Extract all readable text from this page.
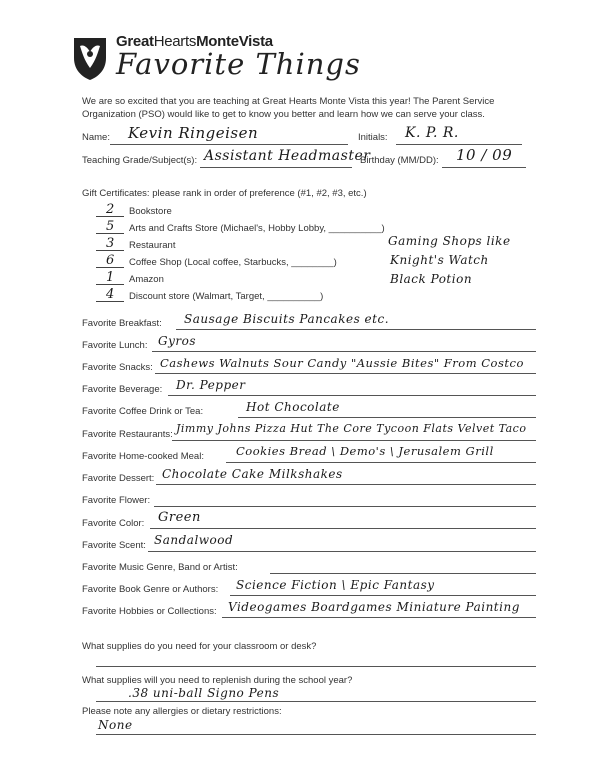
GreatHeartsMonteVista
Favorite Things
We are so excited that you are teaching at Great Hearts Monte Vista this year! The Parent Service Organization (PSO) would like to get to know you better and learn how we can serve your class.
Name: Kevin Ringeisen	Initials: K. P. R.
Teaching Grade/Subject(s): Assistant Headmaster
Birthday (MM/DD): 10 / 09
Gift Certificates: please rank in order of preference (#1, #2, #3, etc.)
2 Bookstore
5 Arts and Crafts Store (Michael's, Hobby Lobby, __________)
3 Restaurant
6 Coffee Shop (Local coffee, Starbucks, ________)
1 Amazon
4 Discount store (Walmart, Target, __________)
Gaming Shops like
Knight's Watch
Black Potion
Favorite Breakfast: Sausage Biscuits Pancakes etc.
Favorite Lunch: Gyros
Favorite Snacks: Cashews Walnuts Sour Candy "Aussie Bites" From Costco
Favorite Beverage: Dr. Pepper
Favorite Coffee Drink or Tea:	Hot Chocolate
Favorite Restaurants: Jimmy Johns Pizza Hut The Core Tycoon Flats Velvet Taco
Favorite Home-cooked Meal:	Cookies Bread \ Demo's \ Jerusalem Grill
Favorite Dessert: Chocolate Cake Milkshakes
Favorite Flower:
Favorite Color: Green
Favorite Scent: Sandalwood
Favorite Music Genre, Band or Artist:
Favorite Book Genre or Authors: Science Fiction \ Epic Fantasy
Favorite Hobbies or Collections: Videogames Boardgames Miniature Painting
What supplies do you need for your classroom or desk?
What supplies will you need to replenish during the school year?
.38 uni-ball Signo Pens
Please note any allergies or dietary restrictions:
None
